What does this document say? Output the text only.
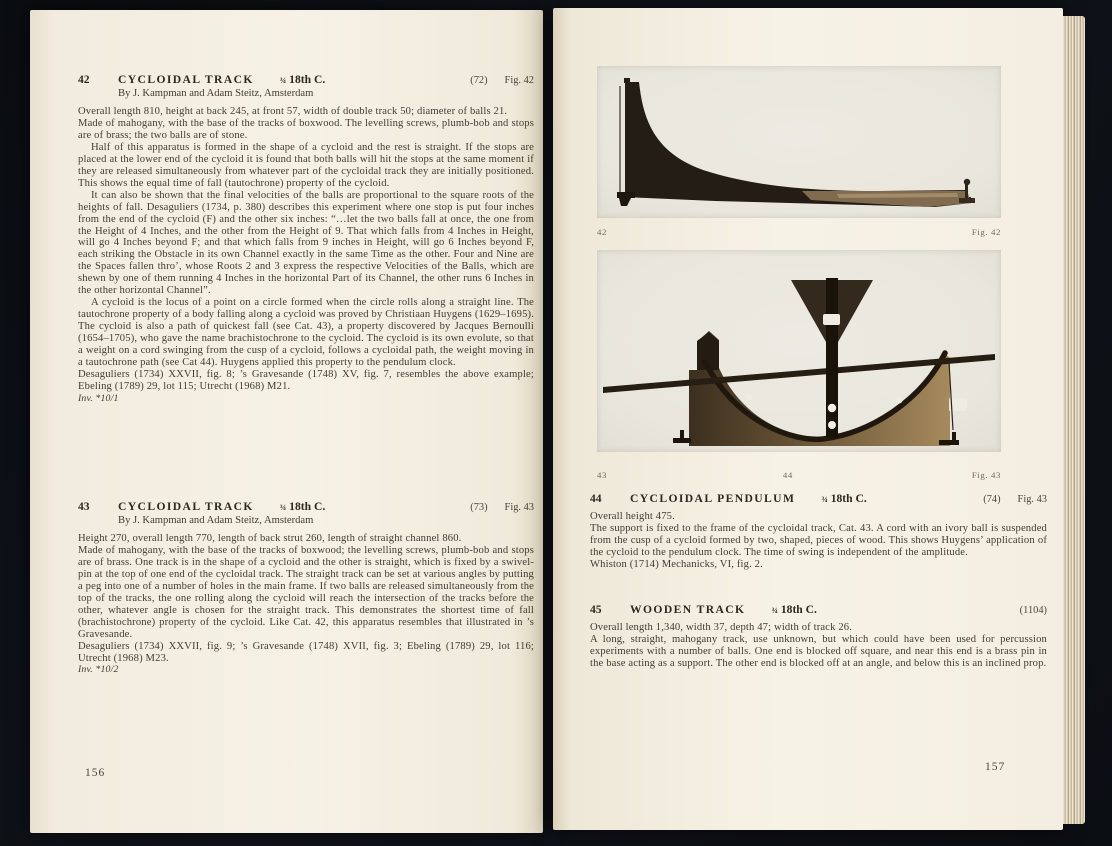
42	CYCLOIDAL TRACK	¾ 18th C.	(72) Fig. 42
By J. Kampman and Adam Steitz, Amsterdam

Overall length 810, height at back 245, at front 57, width of double track 50; diameter of balls 21.

Made of mahogany, with the base of the tracks of boxwood. The levelling screws, plumb-bob and stops are of brass; the two balls are of stone.

Half of this apparatus is formed in the shape of a cycloid and the rest is straight. If the stops are placed at the lower end of the cycloid it is found that both balls will hit the stops at the same moment if they are released simultaneously from whatever part of the cycloidal track they are initially positioned. This shows the equal time of fall (tautochrone) property of the cycloid.

It can also be shown that the final velocities of the balls are proportional to the square roots of the heights of fall. Desaguliers (1734, p. 380) describes this experiment where one stop is put four inches from the end of the cycloid (F) and the other six inches: “…let the two balls fall at once, the one from the Height of 4 Inches, and the other from the Height of 9. That which falls from 4 Inches in Height, will go 4 Inches beyond F; and that which falls from 9 inches in Height, will go 6 Inches beyond F, each striking the Obstacle in its own Channel exactly in the same Time as the other. Four and Nine are the Spaces fallen thro’, whose Roots 2 and 3 express the respective Velocities of the Balls, which are shewn by one of them running 4 Inches in the horizontal Part of its Channel, the other runs 6 Inches in the other horizontal Channel”.

A cycloid is the locus of a point on a circle formed when the circle rolls along a straight line. The tautochrone property of a body falling along a cycloid was proved by Christiaan Huygens (1629–1695). The cycloid is also a path of quickest fall (see Cat. 43), a property discovered by Jacques Bernoulli (1654–1705), who gave the name brachistochrone to the cycloid. The cycloid is its own evolute, so that a weight on a cord swinging from the cusp of a cycloid, follows a cycloidal path, the weight moving in a tautochrone path (see Cat 44). Huygens applied this property to the pendulum clock.

Desaguliers (1734) XXVII, fig. 8; ’s Gravesande (1748) XV, fig. 7, resembles the above example; Ebeling (1789) 29, lot 115; Utrecht (1968) M21.

Inv. *10/1

43	CYCLOIDAL TRACK	¾ 18th C.	(73) Fig. 43
By J. Kampman and Adam Steitz, Amsterdam

Height 270, overall length 770, length of back strut 260, length of straight channel 860.

Made of mahogany, with the base of the tracks of boxwood; the levelling screws, plumb-bob and stops are of brass. One track is in the shape of a cycloid and the other is straight, which is fixed by a swivel-pin at the top of one end of the cycloidal track. The straight track can be set at various angles by putting a peg into one of a number of holes in the main frame. If two balls are released simultaneously from the top of the tracks, the one rolling along the cycloid will reach the intersection of the tracks before the other, whatever angle is chosen for the straight track. This demonstrates the shortest time of fall (brachistochrone) property of the cycloid. Like Cat. 42, this apparatus resembles that illustrated in ’s Gravesande.

Desaguliers (1734) XXVII, fig. 9; ’s Gravesande (1748) XVII, fig. 3; Ebeling (1789) 29, lot 116; Utrecht (1968) M23.

Inv. *10/2

156
42	Fig. 42
43	44	Fig. 43
44	CYCLOIDAL PENDULUM	¾ 18th C.	(74) Fig. 43

Overall height 475.

The support is fixed to the frame of the cycloidal track, Cat. 43. A cord with an ivory ball is suspended from the cusp of a cycloid formed by two, shaped, pieces of wood. This shows Huygens’ application of the cycloid to the pendulum clock. The time of swing is independent of the amplitude.

Whiston (1714) Mechanicks, VI, fig. 2.

45	WOODEN TRACK	¾ 18th C.	(1104)

Overall length 1,340, width 37, depth 47; width of track 26.

A long, straight, mahogany track, use unknown, but which could have been used for percussion experiments with a number of balls. One end is blocked off square, and near this end is a brass pin in the base acting as a support. The other end is blocked off at an angle, and below this is an inclined prop.

157
